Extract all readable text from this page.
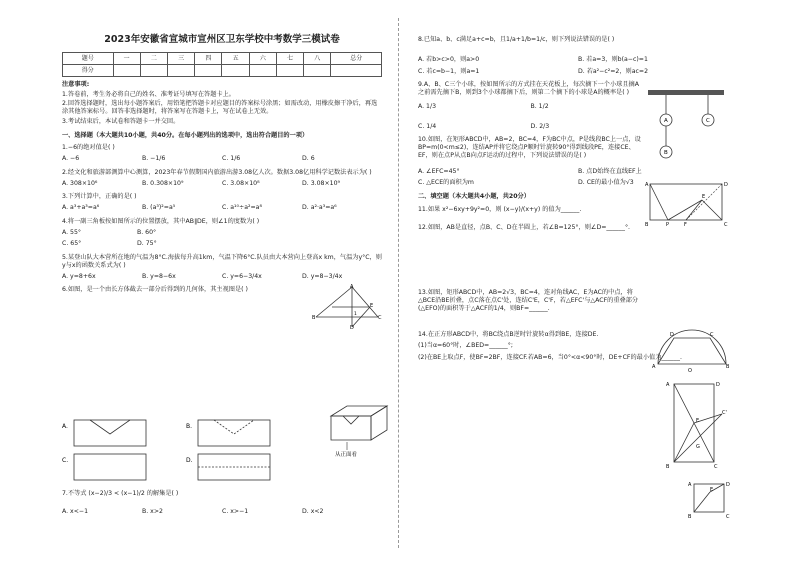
2023年安徽省宣城市宣州区卫东学校中考数学三模试卷
题号	一	二	三	四	五	六	七	八	总分
得分									
注意事项:
1.答卷前，考生务必将自己的姓名、准考证号填写在答题卡上。
2.回答选择题时，选出每小题答案后，用铅笔把答题卡对应题目的答案标号涂黑；如需改动，用橡皮擦干净后，再选涂其他答案标号。回答非选择题时，将答案写在答题卡上，写在试卷上无效。
3.考试结束后，本试卷和答题卡一并交回。
一、选择题（本大题共10小题，共40分。在每小题列出的选项中，选出符合题目的一项）
1.−6的绝对值是( )
A. −6	B. −1/6	C. 1/6	D. 6
2.经文化和旅游部测算中心测算，2023年春节假期国内旅游出游3.08亿人次。数据3.08亿用科学记数法表示为( )
A. 308×10⁶	B. 0.308×10⁹	C. 3.08×10⁸	D. 3.08×10⁹
3.下列计算中，正确的是( )
A. a³+a³=a⁶	B. (a³)²=a⁵	C. a¹⁰÷a²=a⁸	D. a²·a³=a⁶
4.将一副三角板按如图所示的位置摆放，其中AB∥DE，则∠1的度数为( )
A. 55°	B. 60°
C. 65°	D. 75°
5.某登山队大本营所在地的气温为8°C.海拔每升高1km，气温下降6°C.队员由大本营向上登高x km，气温为y°C，则y与x的函数关系式为( )
A. y=8+6x	B. y=8−6x	C. y=6−3/4x	D. y=8−3/4x
6.如图，是一个由长方体截去一部分后得到的几何体，其主视图是( )
A.	B.
C.	D.
从正面看
7.不等式 (x−2)/3 < (x−1)/2 的解集是( )
A. x<−1	B. x>2	C. x>−1	D. x<2
A
B	C
D
E
1
8.已知a、b、c满足a+c=b，且1/a+1/b=1/c，则下列说法错误的是( )
A. 若b>c>0，则a>0	B. 若a=3，则b(a−c)=1
C. 若c=b−1，则a=1	D. 若a²−c²=2，则ac=2
9.A、B、C三个小球，按如图所示的方式挂在天花板上，每次摘下一个小球且摘A之前需先摘下B，则到3个小球都摘下后，则第二个摘下的小球是A的概率是( )
A. 1/3	B. 1/2
C. 1/4	D. 2/3
10.如图，在矩形ABCD中，AB=2，BC=4，F为BC中点，P是线段BC上一点，设BP=m(0<m≤2)，连结AP并将它绕点P顺时针旋转90°得到线段PE，连接CE、EF，则在点P从点B向点F运动的过程中，下列说法错误的是( )
A. ∠EFC=45°	B. 点D始终在直线EF上
C. △ECE的面积为m	D. CE的最小值为√3
二、填空题（本大题共4小题，共20分）
11.如果 x²−6xy+9y²=0，则 (x−y)/(x+y) 的值为______.
12.如图，AB是直径，点B、C、D在半圆上，若∠B=125°，则∠D=______°.
13.如图，矩形ABCD中，AB=2√3，BC=4，连对角线AC，E为AC的中点，将△BCE沿BE折叠，点C落在点C'处，连结C'E，C'F，若△EFC'与△ACF的重叠部分(△EFO)的面积等于△ACF的1/4，则BF=______.
14.在正方形ABCD中，将BC绕点B逆时针旋转α得到BE，连接DE.
(1)当α=60°时，∠BED=______°;
(2)在BE上取点F，使BF=2BF，连接CF.若AB=6，当0°<α<90°时，DE+CF的最小值为______.
A	C
B
A	D
B	P	F	C
E
A	B
O
D	C
A	D
B	C
E
C'
G
A	D
B	C
E
